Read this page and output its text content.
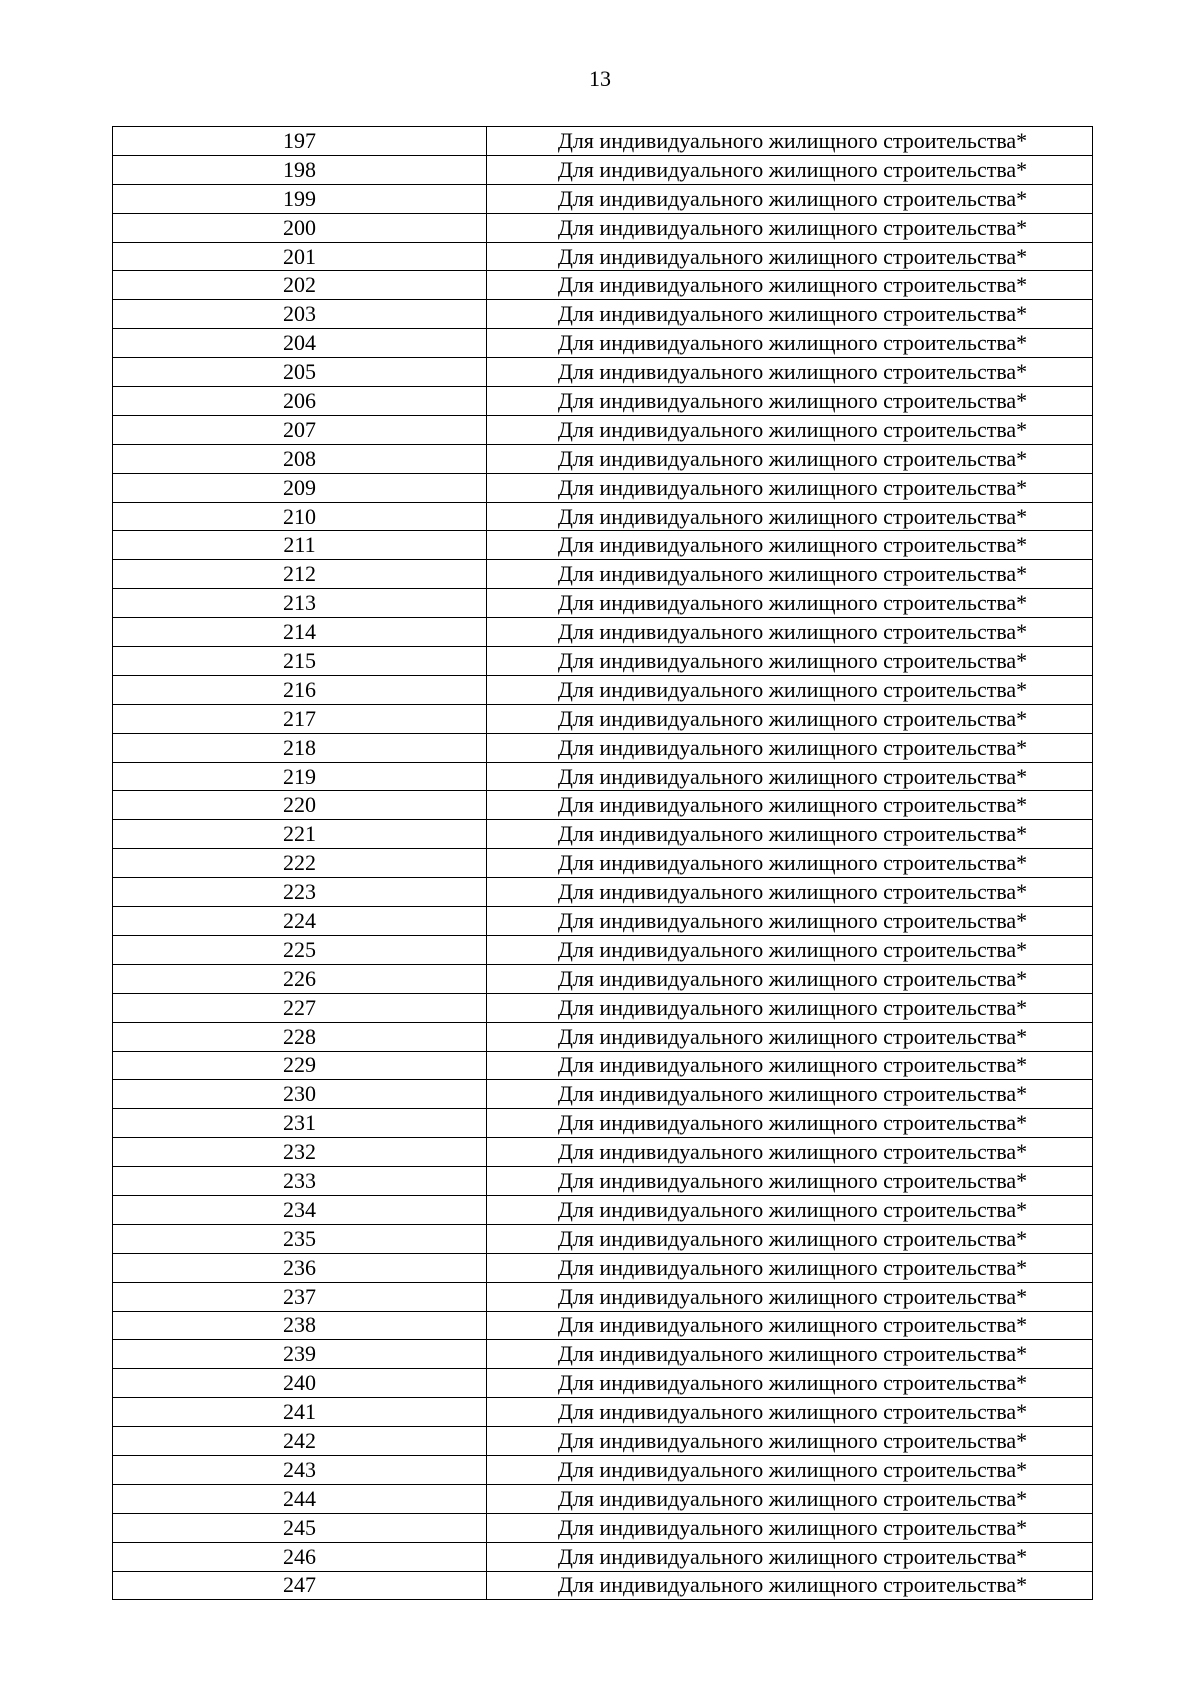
13
197	Для индивидуального жилищного строительства*
198	Для индивидуального жилищного строительства*
199	Для индивидуального жилищного строительства*
200	Для индивидуального жилищного строительства*
201	Для индивидуального жилищного строительства*
202	Для индивидуального жилищного строительства*
203	Для индивидуального жилищного строительства*
204	Для индивидуального жилищного строительства*
205	Для индивидуального жилищного строительства*
206	Для индивидуального жилищного строительства*
207	Для индивидуального жилищного строительства*
208	Для индивидуального жилищного строительства*
209	Для индивидуального жилищного строительства*
210	Для индивидуального жилищного строительства*
211	Для индивидуального жилищного строительства*
212	Для индивидуального жилищного строительства*
213	Для индивидуального жилищного строительства*
214	Для индивидуального жилищного строительства*
215	Для индивидуального жилищного строительства*
216	Для индивидуального жилищного строительства*
217	Для индивидуального жилищного строительства*
218	Для индивидуального жилищного строительства*
219	Для индивидуального жилищного строительства*
220	Для индивидуального жилищного строительства*
221	Для индивидуального жилищного строительства*
222	Для индивидуального жилищного строительства*
223	Для индивидуального жилищного строительства*
224	Для индивидуального жилищного строительства*
225	Для индивидуального жилищного строительства*
226	Для индивидуального жилищного строительства*
227	Для индивидуального жилищного строительства*
228	Для индивидуального жилищного строительства*
229	Для индивидуального жилищного строительства*
230	Для индивидуального жилищного строительства*
231	Для индивидуального жилищного строительства*
232	Для индивидуального жилищного строительства*
233	Для индивидуального жилищного строительства*
234	Для индивидуального жилищного строительства*
235	Для индивидуального жилищного строительства*
236	Для индивидуального жилищного строительства*
237	Для индивидуального жилищного строительства*
238	Для индивидуального жилищного строительства*
239	Для индивидуального жилищного строительства*
240	Для индивидуального жилищного строительства*
241	Для индивидуального жилищного строительства*
242	Для индивидуального жилищного строительства*
243	Для индивидуального жилищного строительства*
244	Для индивидуального жилищного строительства*
245	Для индивидуального жилищного строительства*
246	Для индивидуального жилищного строительства*
247	Для индивидуального жилищного строительства*
